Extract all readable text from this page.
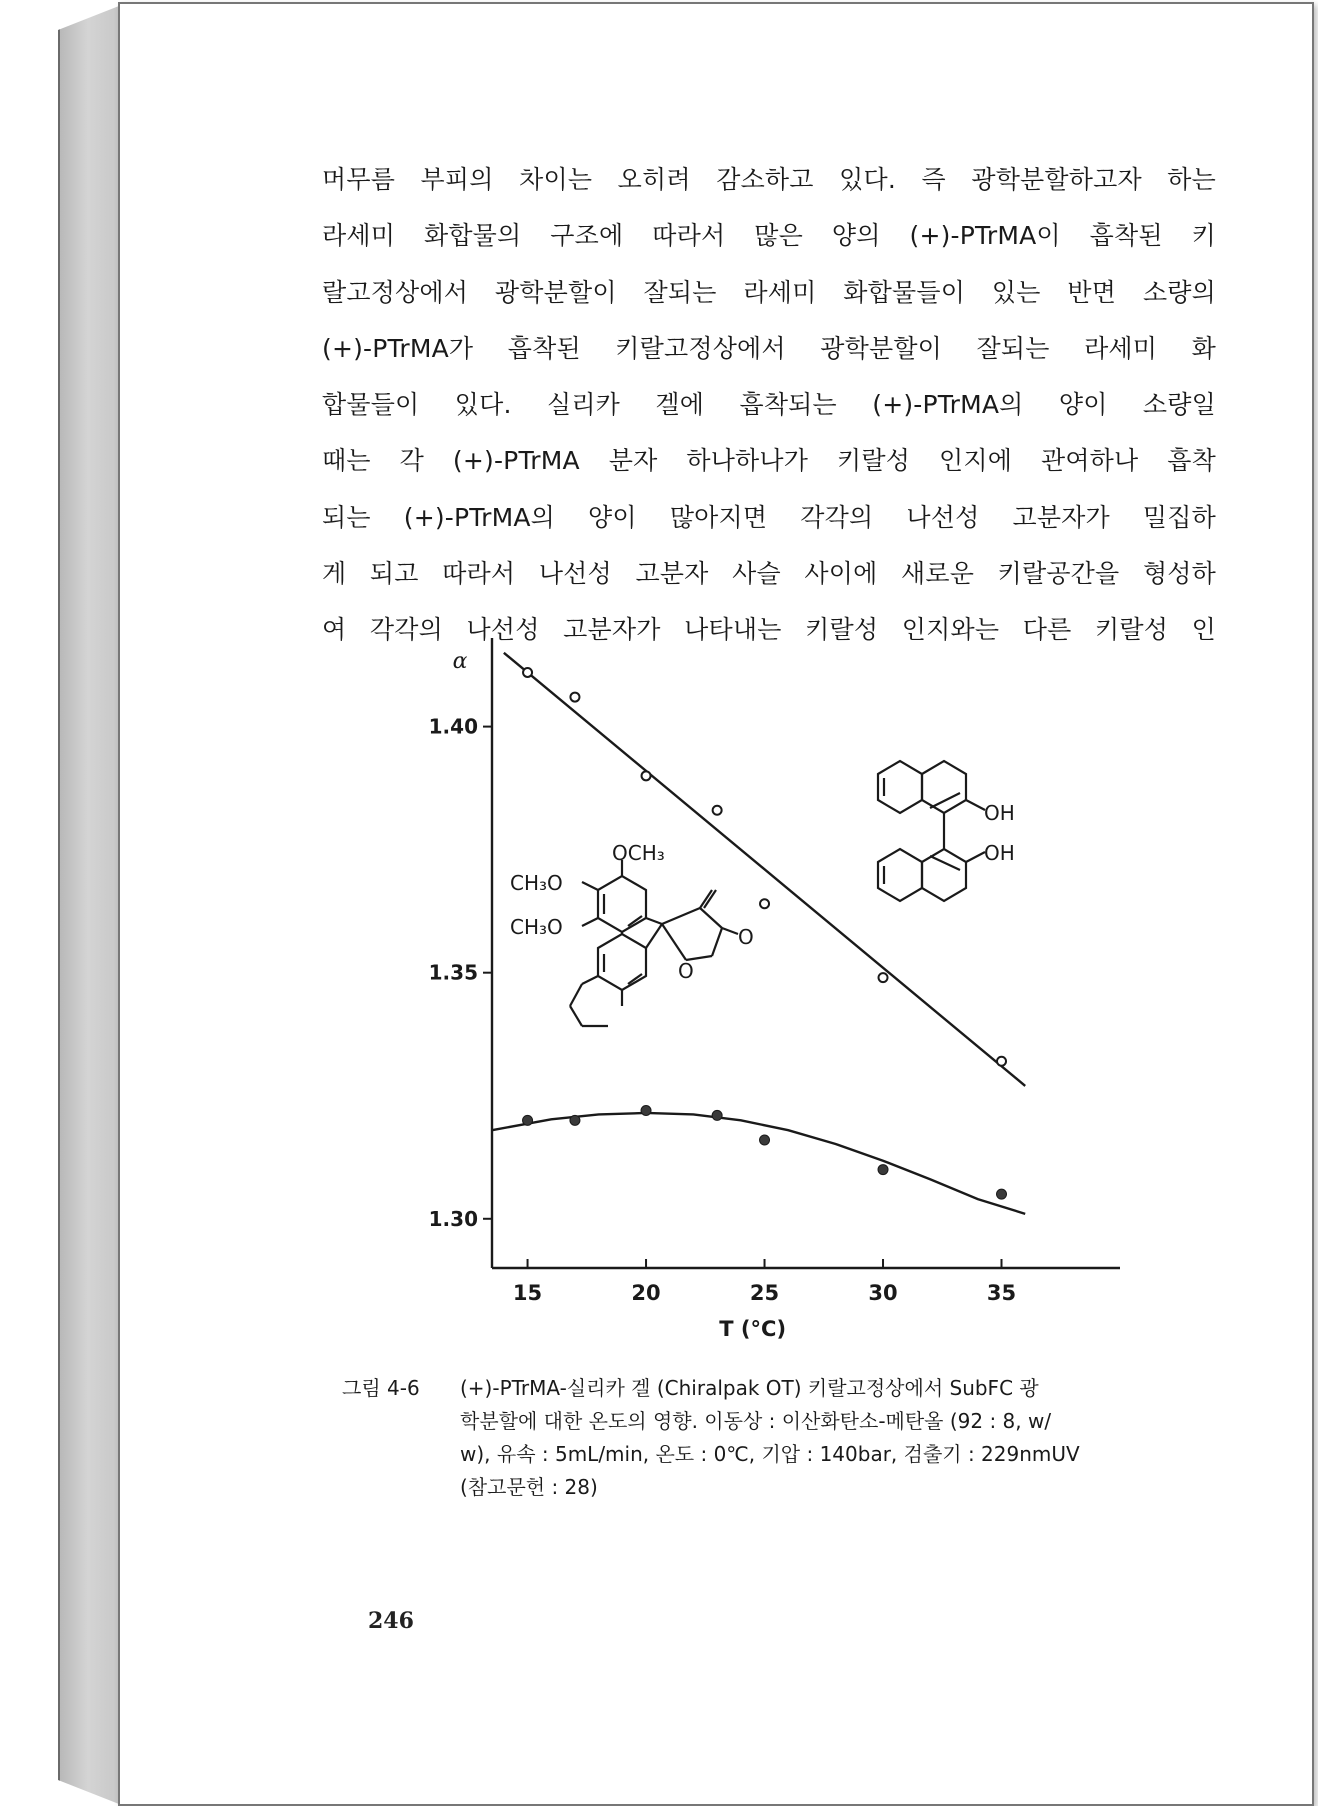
머무름 부피의 차이는 오히려 감소하고 있다. 즉 광학분할하고자 하는
라세미 화합물의 구조에 따라서 많은 양의 (+)-PTrMA이 흡착된 키
랄고정상에서 광학분할이 잘되는 라세미 화합물들이 있는 반면 소량의
(+)-PTrMA가 흡착된 키랄고정상에서 광학분할이 잘되는 라세미 화
합물들이 있다. 실리카 겔에 흡착되는 (+)-PTrMA의 양이 소량일
때는 각 (+)-PTrMA 분자 하나하나가 키랄성 인지에 관여하나 흡착
되는 (+)-PTrMA의 양이 많아지면 각각의 나선성 고분자가 밀집하
게 되고 따라서 나선성 고분자 사슬 사이에 새로운 키랄공간을 형성하
여 각각의 나선성 고분자가 나타내는 키랄성 인지와는 다른 키랄성 인
15	20	25	30	35
1.30
1.35
1.40
α
T (°C)
OH
OH
OCH₃
CH₃O
CH₃O
O
O
그림 4-6	(+)-PTrMA-실리카 겔 (Chiralpak OT) 키랄고정상에서 SubFC 광
학분할에 대한 온도의 영향. 이동상 : 이산화탄소-메탄올 (92 : 8, w/
w), 유속 : 5mL/min, 온도 : 0℃, 기압 : 140bar, 검출기 : 229nmUV
(참고문헌 : 28)
246
